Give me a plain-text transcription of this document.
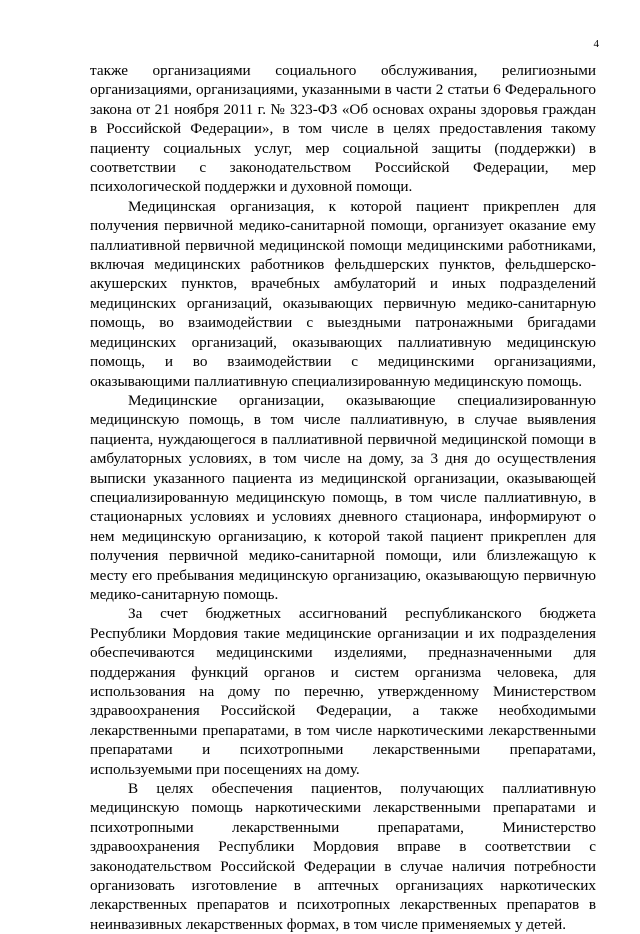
4

также организациями социального обслуживания, религиозными организациями, организациями, указанными в части 2 статьи 6 Федерального закона от 21 ноября 2011 г. № 323-ФЗ «Об основах охраны здоровья граждан в Российской Федерации», в том числе в целях предоставления такому пациенту социальных услуг, мер социальной защиты (поддержки) в соответствии с законодательством Российской Федерации, мер психологической поддержки и духовной помощи.

Медицинская организация, к которой пациент прикреплен для получения первичной медико-санитарной помощи, организует оказание ему паллиативной первичной медицинской помощи медицинскими работниками, включая медицинских работников фельдшерских пунктов, фельдшерско-акушерских пунктов, врачебных амбулаторий и иных подразделений медицинских организаций, оказывающих первичную медико-санитарную помощь, во взаимодействии с выездными патронажными бригадами медицинских организаций, оказывающих паллиативную медицинскую помощь, и во взаимодействии с медицинскими организациями, оказывающими паллиативную специализированную медицинскую помощь.

Медицинские организации, оказывающие специализированную медицинскую помощь, в том числе паллиативную, в случае выявления пациента, нуждающегося в паллиативной первичной медицинской помощи в амбулаторных условиях, в том числе на дому, за 3 дня до осуществления выписки указанного пациента из медицинской организации, оказывающей специализированную медицинскую помощь, в том числе паллиативную, в стационарных условиях и условиях дневного стационара, информируют о нем медицинскую организацию, к которой такой пациент прикреплен для получения первичной медико-санитарной помощи, или близлежащую к месту его пребывания медицинскую организацию, оказывающую первичную медико-санитарную помощь.

За счет бюджетных ассигнований республиканского бюджета Республики Мордовия такие медицинские организации и их подразделения обеспечиваются медицинскими изделиями, предназначенными для поддержания функций органов и систем организма человека, для использования на дому по перечню, утвержденному Министерством здравоохранения Российской Федерации, а также необходимыми лекарственными препаратами, в том числе наркотическими лекарственными препаратами и психотропными лекарственными препаратами, используемыми при посещениях на дому.

В целях обеспечения пациентов, получающих паллиативную медицинскую помощь наркотическими лекарственными препаратами и психотропными лекарственными препаратами, Министерство здравоохранения Республики Мордовия вправе в соответствии с законодательством Российской Федерации в случае наличия потребности организовать изготовление в аптечных организациях наркотических лекарственных препаратов и психотропных лекарственных препаратов в неинвазивных лекарственных формах, в том числе применяемых у детей.
